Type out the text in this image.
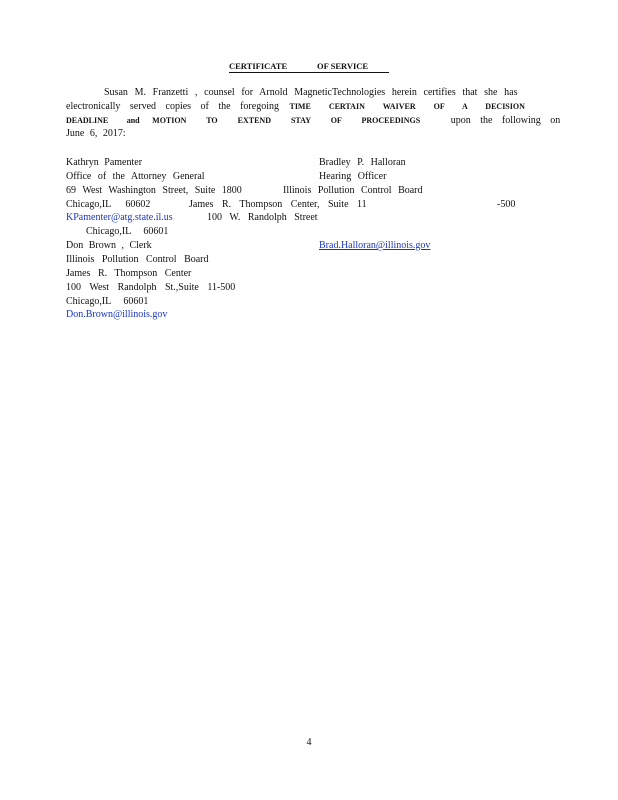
CERTIFICATE	OF SERVICE
Susan M. Franzetti , counsel for Arnold MagneticTechnologies herein certifies that she has
electronically served copies of the foregoing TIME CERTAIN WAIVER OF A DECISION
DEADLINE and MOTION TO EXTEND STAY OF PROCEEDINGS	upon the following on
June 6, 2017:
Kathryn Pamenter
Office of the Attorney General
69 West Washington Street, Suite 1800
Chicago,IL 60602
KPamenter@atg.state.il.us
Bradley P. Halloran
Hearing Officer
Illinois Pollution Control Board
James R. Thompson Center, Suite 11	-500
100 W. Randolph Street
Chicago,IL 60601
Brad.Halloran@illinois.gov
Don Brown , Clerk
Illinois Pollution Control Board
James R. Thompson Center
100 West Randolph St.,Suite 11-500
Chicago,IL 60601
Don.Brown@illinois.gov
4
